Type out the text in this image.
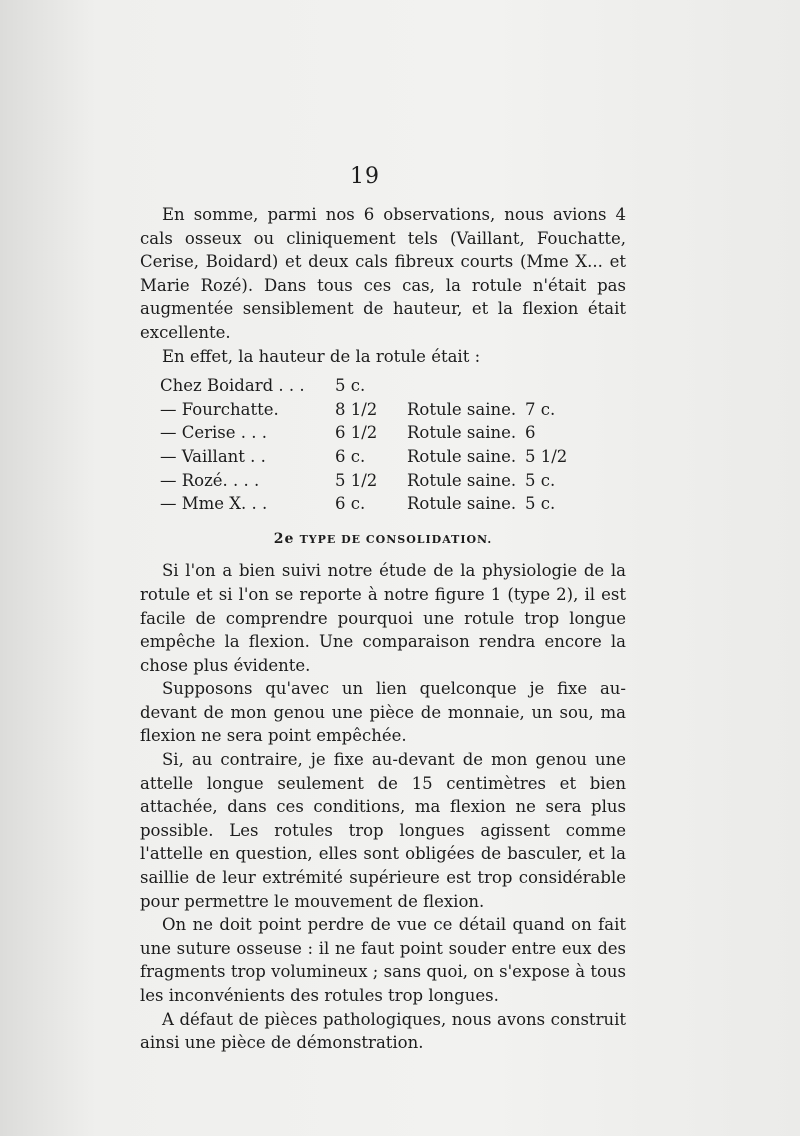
19

En somme, parmi nos 6 observations, nous avions 4 cals osseux ou cliniquement tels (Vaillant, Fouchatte, Cerise, Boidard) et deux cals fibreux courts (Mme X... et Marie Rozé). Dans tous ces cas, la rotule n'était pas augmentée sensiblement de hauteur, et la flexion était excellente.

En effet, la hauteur de la rotule était :

Chez Boidard . . .	5 c.		
— Fourchatte.	8 1/2	Rotule saine.	7 c.
— Cerise . . .	6 1/2	Rotule saine.	6
— Vaillant . .	6 c.	Rotule saine.	5 1/2
— Rozé. . . .	5 1/2	Rotule saine.	5 c.
— Mme X. . .	6 c.	Rotule saine.	5 c.
2e TYPE DE CONSOLIDATION.

Si l'on a bien suivi notre étude de la physiologie de la rotule et si l'on se reporte à notre figure 1 (type 2), il est facile de comprendre pourquoi une rotule trop longue empêche la flexion. Une comparaison rendra encore la chose plus évidente.

Supposons qu'avec un lien quelconque je fixe au-devant de mon genou une pièce de monnaie, un sou, ma flexion ne sera point empêchée.

Si, au contraire, je fixe au-devant de mon genou une attelle longue seulement de 15 centimètres et bien attachée, dans ces conditions, ma flexion ne sera plus possible. Les rotules trop longues agissent comme l'attelle en question, elles sont obligées de basculer, et la saillie de leur extrémité supérieure est trop considérable pour permettre le mouvement de flexion.

On ne doit point perdre de vue ce détail quand on fait une suture osseuse : il ne faut point souder entre eux des fragments trop volumineux ; sans quoi, on s'expose à tous les inconvénients des rotules trop longues.

A défaut de pièces pathologiques, nous avons construit ainsi une pièce de démonstration.
